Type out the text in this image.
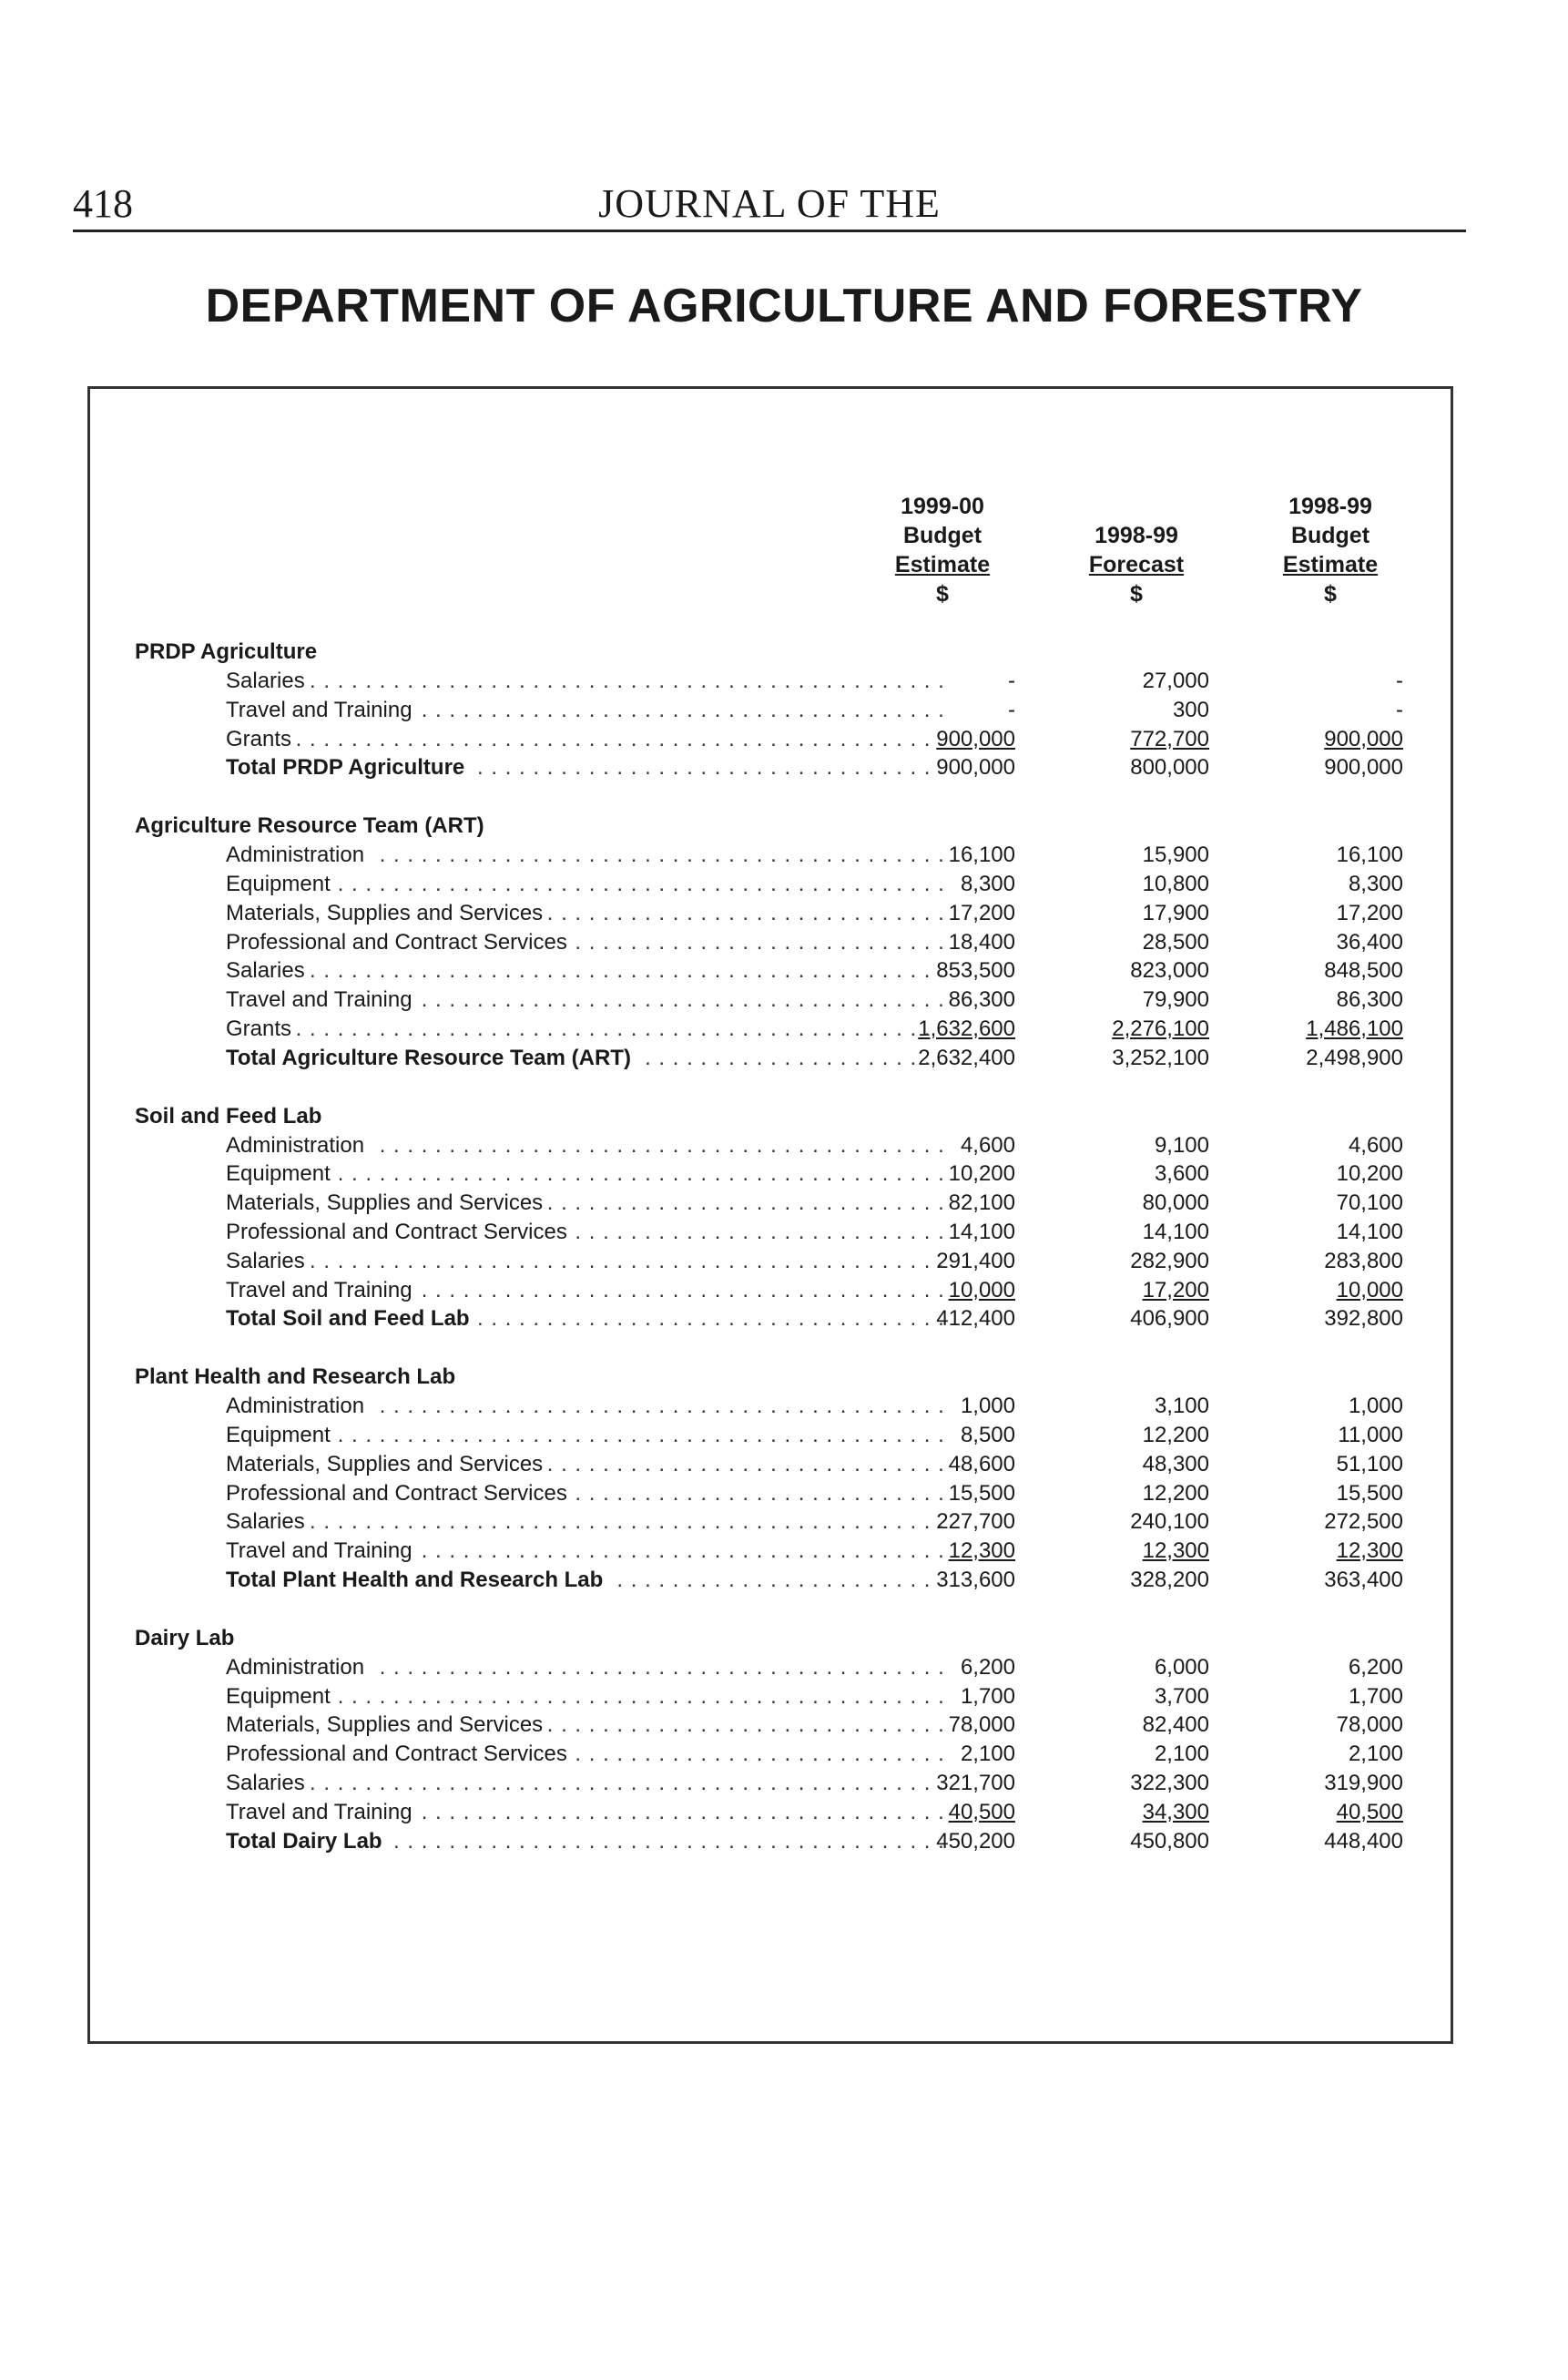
418	JOURNAL OF THE
DEPARTMENT OF AGRICULTURE AND FORESTRY
1999-00
Budget
Estimate
$
1998-99
Forecast
$
1998-99
Budget
Estimate
$
PRDP Agriculture
Salaries . . .	-	27,000	-
Travel and Training . . .	-	300	-
Grants . . .	900,000	772,700	900,000
Total PRDP Agriculture . . .	900,000	800,000	900,000
Agriculture Resource Team (ART)
Administration . . .	16,100	15,900	16,100
Equipment . . .	8,300	10,800	8,300
Materials, Supplies and Services . . .	17,200	17,900	17,200
Professional and Contract Services . . .	18,400	28,500	36,400
Salaries . . .	853,500	823,000	848,500
Travel and Training . . .	86,300	79,900	86,300
Grants . . .	1,632,600	2,276,100	1,486,100
Total Agriculture Resource Team (ART) . . .	2,632,400	3,252,100	2,498,900
Soil and Feed Lab
Administration . . .	4,600	9,100	4,600
Equipment . . .	10,200	3,600	10,200
Materials, Supplies and Services . . .	82,100	80,000	70,100
Professional and Contract Services . . .	14,100	14,100	14,100
Salaries . . .	291,400	282,900	283,800
Travel and Training . . .	10,000	17,200	10,000
Total Soil and Feed Lab . . .	412,400	406,900	392,800
Plant Health and Research Lab
Administration . . .	1,000	3,100	1,000
Equipment . . .	8,500	12,200	11,000
Materials, Supplies and Services . . .	48,600	48,300	51,100
Professional and Contract Services . . .	15,500	12,200	15,500
Salaries . . .	227,700	240,100	272,500
Travel and Training . . .	12,300	12,300	12,300
Total Plant Health and Research Lab . . .	313,600	328,200	363,400
Dairy Lab
Administration . . .	6,200	6,000	6,200
Equipment . . .	1,700	3,700	1,700
Materials, Supplies and Services . . .	78,000	82,400	78,000
Professional and Contract Services . . .	2,100	2,100	2,100
Salaries . . .	321,700	322,300	319,900
Travel and Training . . .	40,500	34,300	40,500
Total Dairy Lab . . .	450,200	450,800	448,400
